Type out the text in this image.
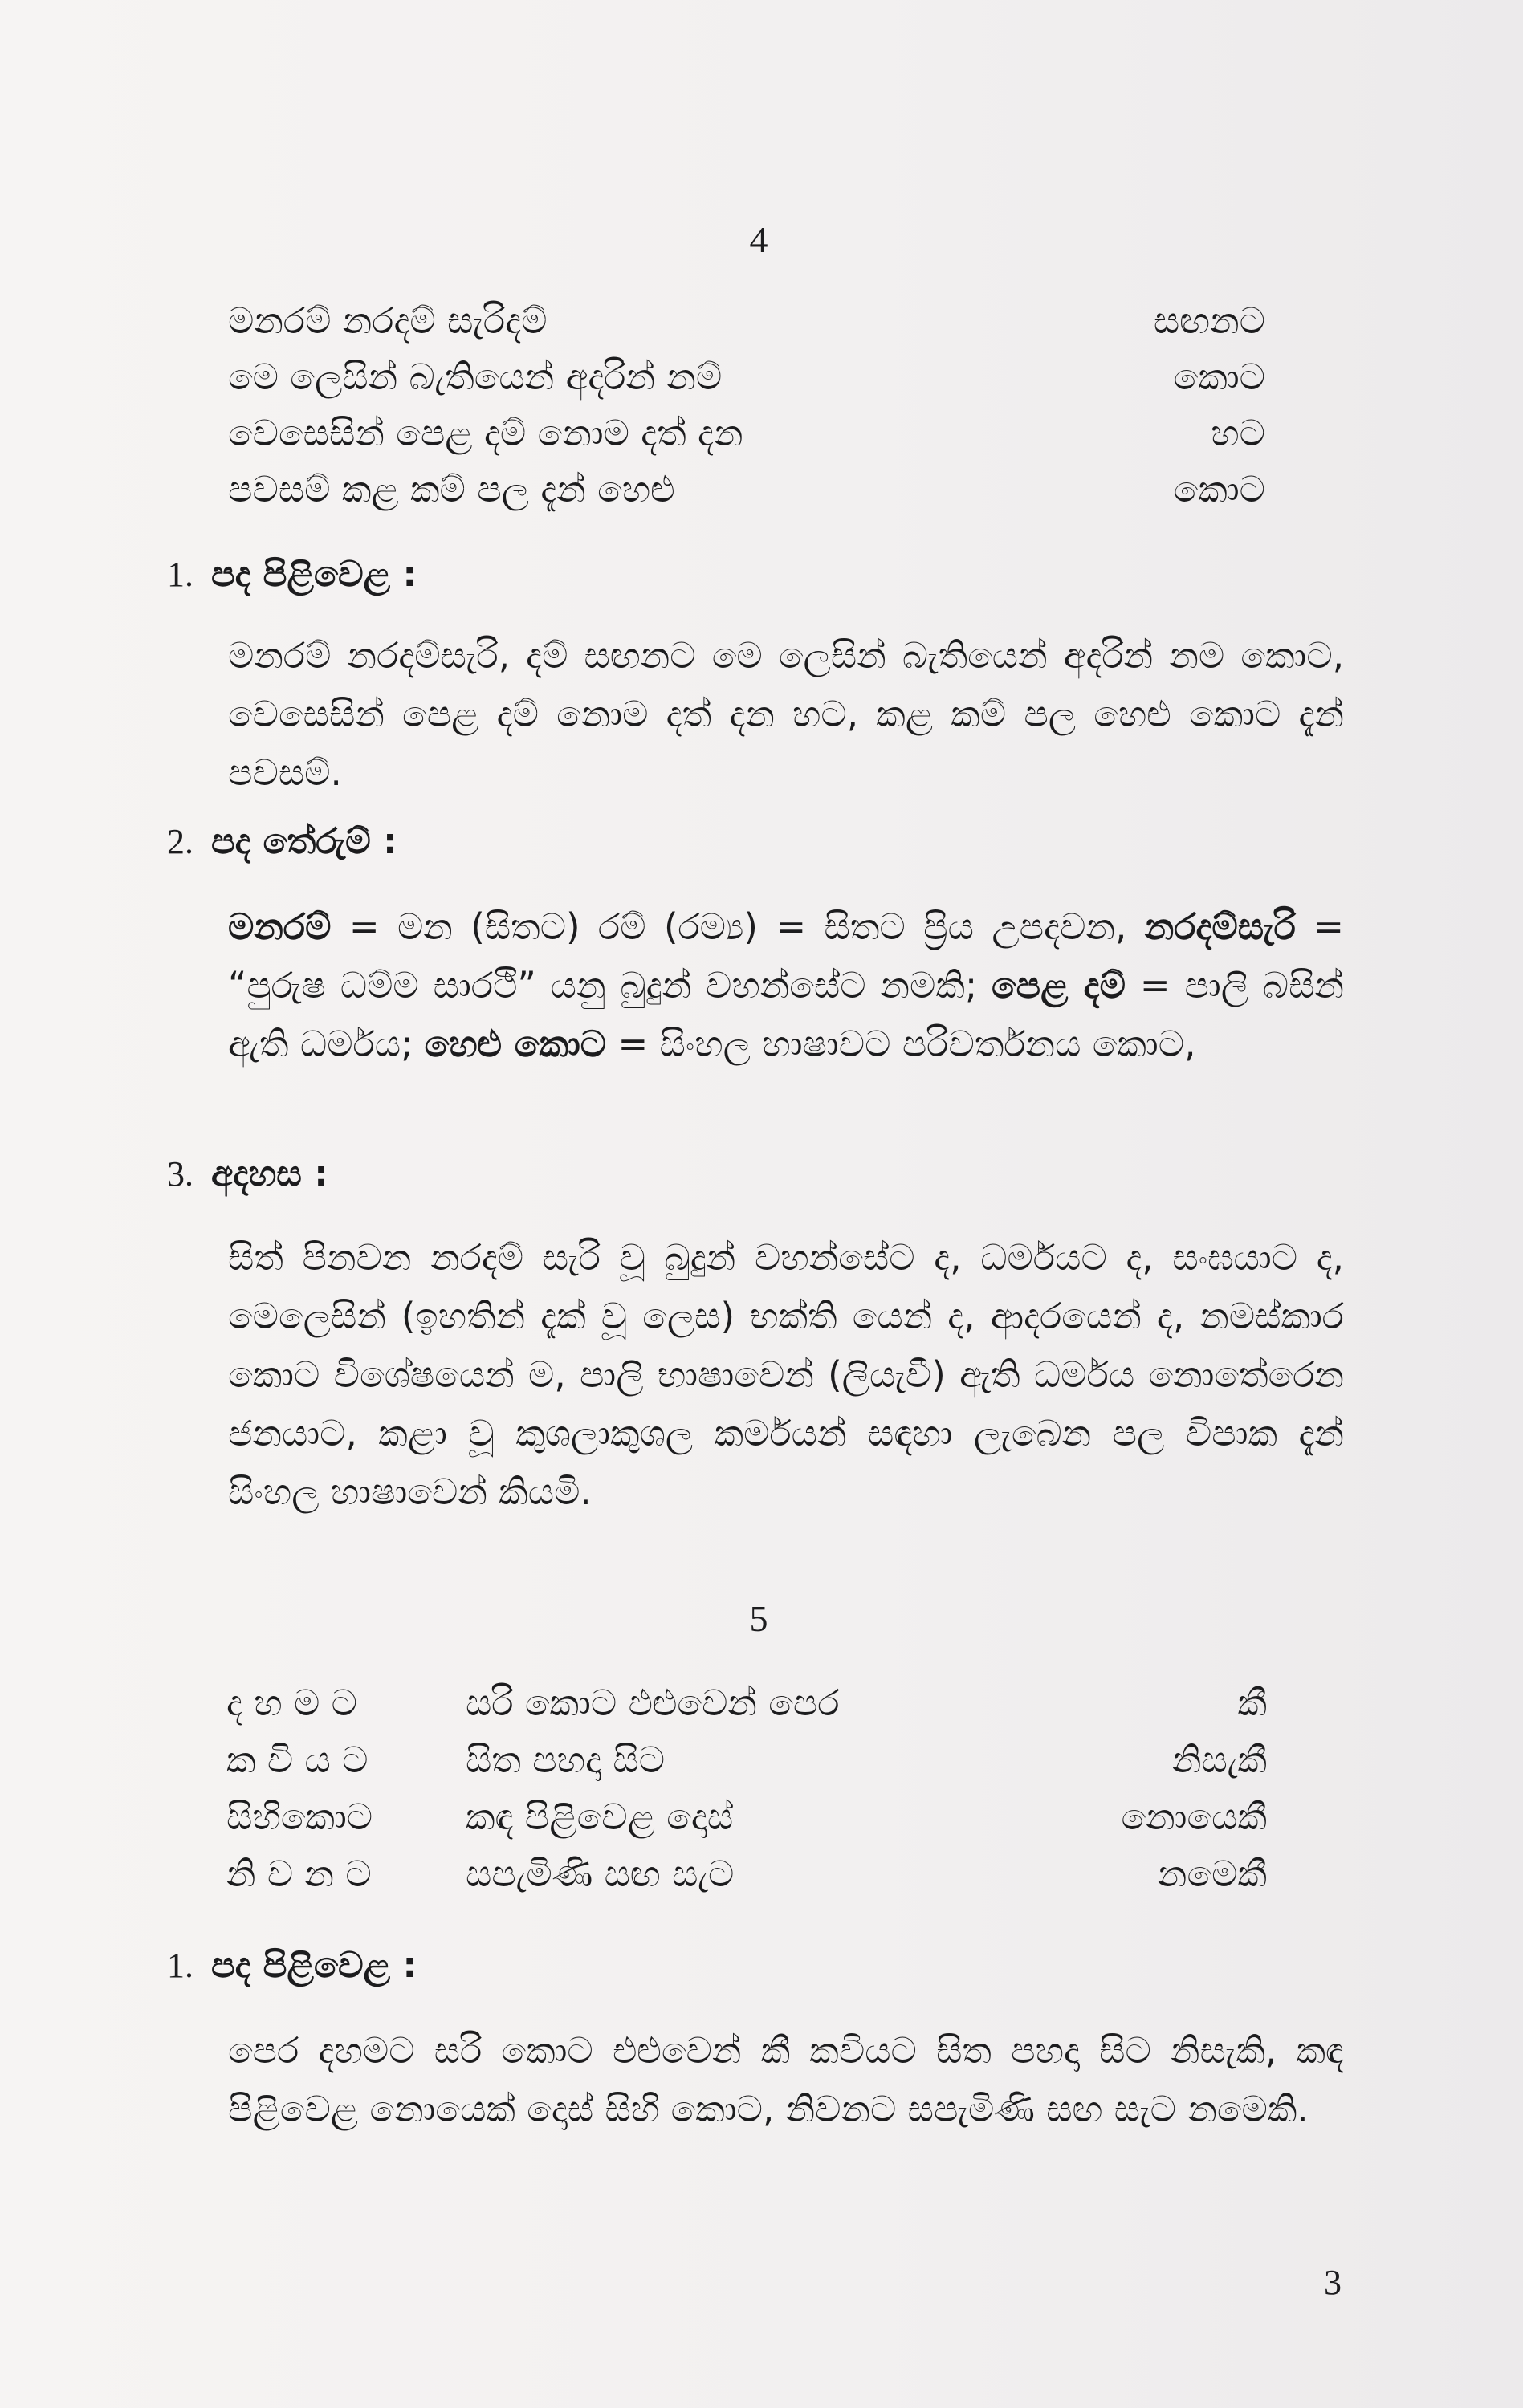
4
මනරම් නරදම් සැරිදම්	සඟනට
මෙ ලෙසින් බැතියෙන් අදරින් නම්	කොට
වෙසෙසින් පෙළ දම් නොම දත් දන	හට
පවසම් කළ කම් පල දැන් හෙළු	කොට
1. පද පිළිවෙළ :
මනරම් නරදම්සැරි, දම් සඟනට මෙ ලෙසින් බැතියෙන් අදරින් නම කොට, වෙසෙසින් පෙළ දම් නොම දත් දන හට, කළ කම් පල හෙළු කොට දැන් පවසම්.
2. පද තේරුම් :
මනරම් = මන (සිතට) රම් (රම්‍ය) = සිතට ප්‍රිය උපදවන, නරදම්සැරි = “පුරුෂ ධම්ම සාරථි” යනු බුදුන් වහන්සේට නමකි; පෙළ දම් = පාලි බසින් ඇති ධර්මය; හෙළු කොට = සිංහල භාෂාවට පරිවර්තනය කොට,
3. අදහස :
සිත් පිනවන නරදම් සැරි වූ බුදුන් වහන්සේට ද, ධර්මයට ද, සංඝයාට ද, මෙලෙසින් (ඉහතින් දැක් වූ ලෙස) භක්ති යෙන් ද, ආදරයෙන් ද, නමස්කාර කොට විශේෂයෙන් ම, පාලි භාෂාවෙන් (ලියැවී) ඇති ධර්මය නොතේරෙන ජනයාට, කළා වූ කුශලාකුශල කර්මයන් සඳහා ලැබෙන පල විපාක දැන් සිංහල භාෂාවෙන් කියමි.
5
ද හ ම ට	සරි කොට එළුවෙන් පෙර	කී
ක වි ය ට	සිත පහදා සිට	නිසැකී
සිහිකොට	කඳ පිළිවෙළ දොස්	නොයෙකී
නි ව න ට	සපැමිණි සඟ සැට	නමෙකී
1. පද පිළිවෙළ :
පෙර දහමට සරි කොට එළුවෙන් කී කවියට සිත පහදා සිට නිසැකි, කඳ පිළිවෙළ නොයෙක් දොස් සිහි කොට, නිවනට සපැමිණි සඟ සැට නමෙකි.
3
